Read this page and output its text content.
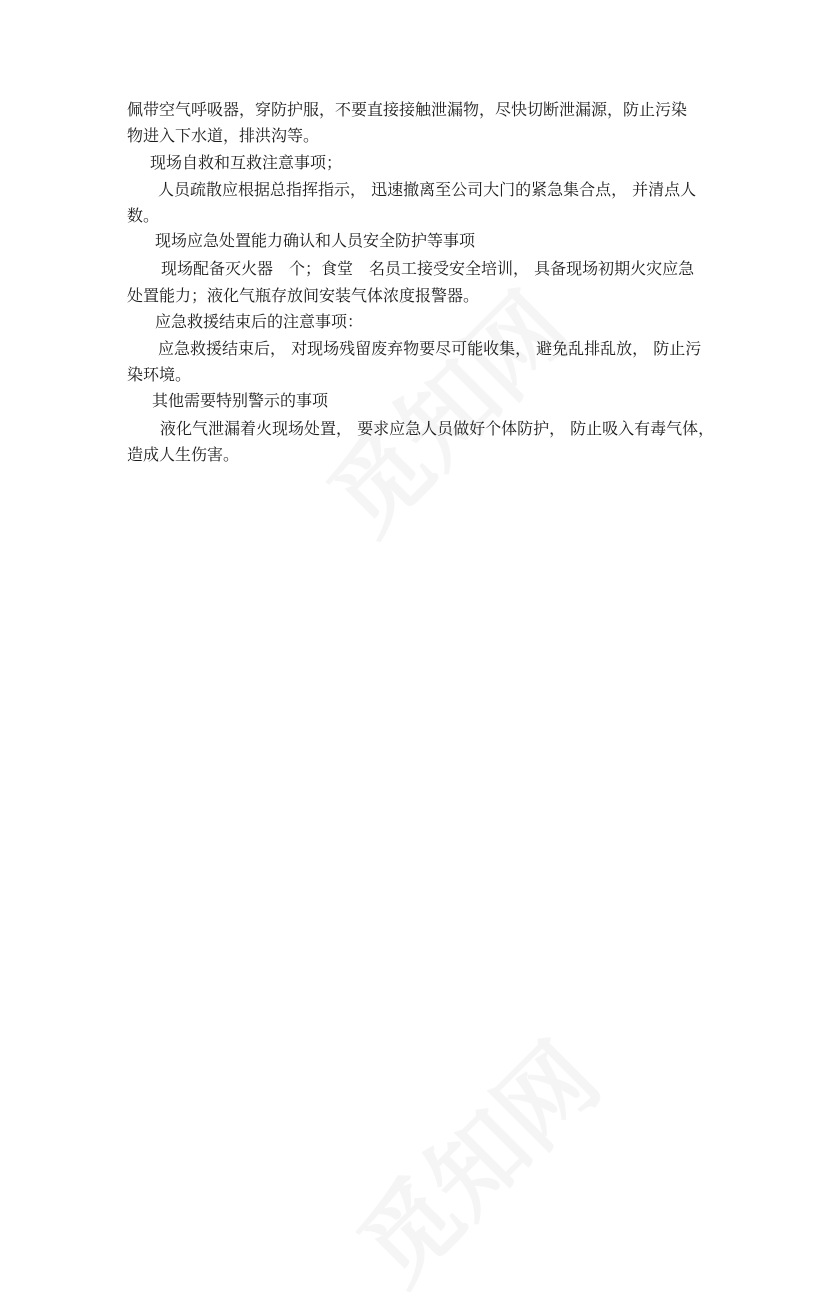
佩带空气呼吸器，穿防护服，不要直接接触泄漏物，尽快切断泄漏源，防止污染
物进入下水道，排洪沟等。
现场自救和互救注意事项；
人员疏散应根据总指挥指示， 迅速撤离至公司大门的紧急集合点， 并清点人
数。
现场应急处置能力确认和人员安全防护等事项
现场配备灭火器　个；食堂　名员工接受安全培训， 具备现场初期火灾应急
处置能力；液化气瓶存放间安装气体浓度报警器。
应急救援结束后的注意事项：
应急救援结束后， 对现场残留废弃物要尽可能收集， 避免乱排乱放， 防止污
染环境。
其他需要特别警示的事项
液化气泄漏着火现场处置， 要求应急人员做好个体防护， 防止吸入有毒气体，
造成人生伤害。
